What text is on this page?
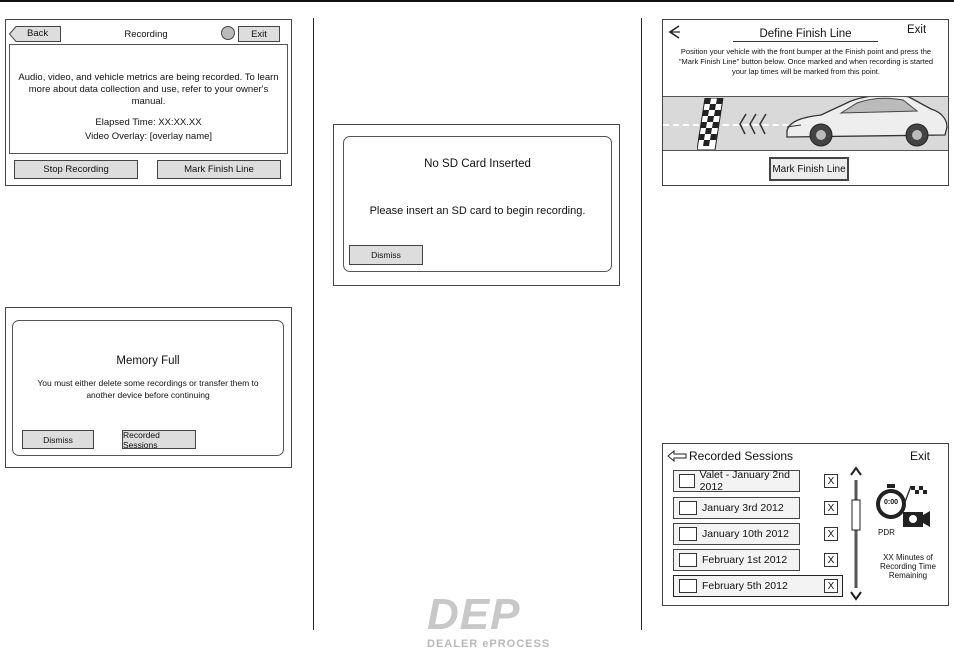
Back	Recording	Exit
Audio, video, and vehicle metrics are being recorded. To learn more about data collection and use, refer to your owner's manual.
Elapsed Time: XX:XX.XX
Video Overlay: [overlay name]
Stop Recording	Mark Finish Line
Memory Full
You must either delete some recordings or transfer them to another device before continuing
Dismiss	Recorded Sessions
No SD Card Inserted
Please insert an SD card to begin recording.
Dismiss
Define Finish Line	Exit
Position your vehicle with the front bumper at the Finish point and press the "Mark Finish Line" button below. Once marked and when recording is started your lap times will be marked from this point.
Mark Finish Line
Recorded Sessions	Exit
Valet - January 2nd 2012	X
January 3rd 2012	X
January 10th 2012	X
February 1st 2012	X
February 5th 2012	X
0:00
PDR
XX Minutes of Recording Time Remaining
DEP
DEALER ePROCESS
